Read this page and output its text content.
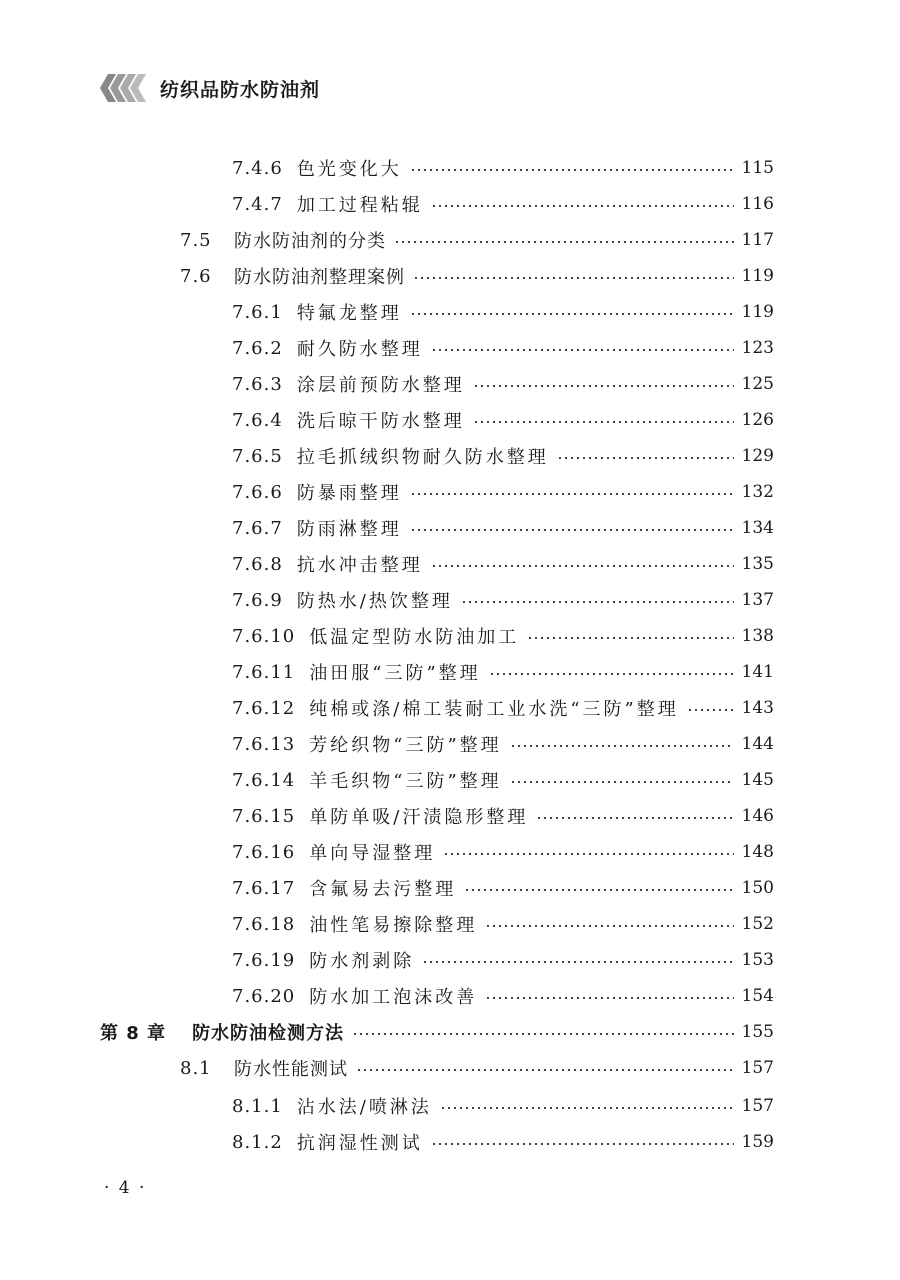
纺织品防水防油剂
7.4.6 色光变化大	115
7.4.7 加工过程粘辊	116
7.5	防水防油剂的分类	117
7.6	防水防油剂整理案例	119
7.6.1 特氟龙整理	119
7.6.2 耐久防水整理	123
7.6.3 涂层前预防水整理	125
7.6.4 洗后晾干防水整理	126
7.6.5 拉毛抓绒织物耐久防水整理	129
7.6.6 防暴雨整理	132
7.6.7 防雨淋整理	134
7.6.8 抗水冲击整理	135
7.6.9 防热水/热饮整理	137
7.6.10 低温定型防水防油加工	138
7.6.11 油田服“三防”整理	141
7.6.12 纯棉或涤/棉工装耐工业水洗“三防”整理	143
7.6.13 芳纶织物“三防”整理	144
7.6.14 羊毛织物“三防”整理	145
7.6.15 单防单吸/汗渍隐形整理	146
7.6.16 单向导湿整理	148
7.6.17 含氟易去污整理	150
7.6.18 油性笔易擦除整理	152
7.6.19 防水剂剥除	153
7.6.20 防水加工泡沫改善	154
第 8 章 防水防油检测方法	155
8.1	防水性能测试	157
8.1.1 沾水法/喷淋法	157
8.1.2 抗润湿性测试	159
· 4 ·
